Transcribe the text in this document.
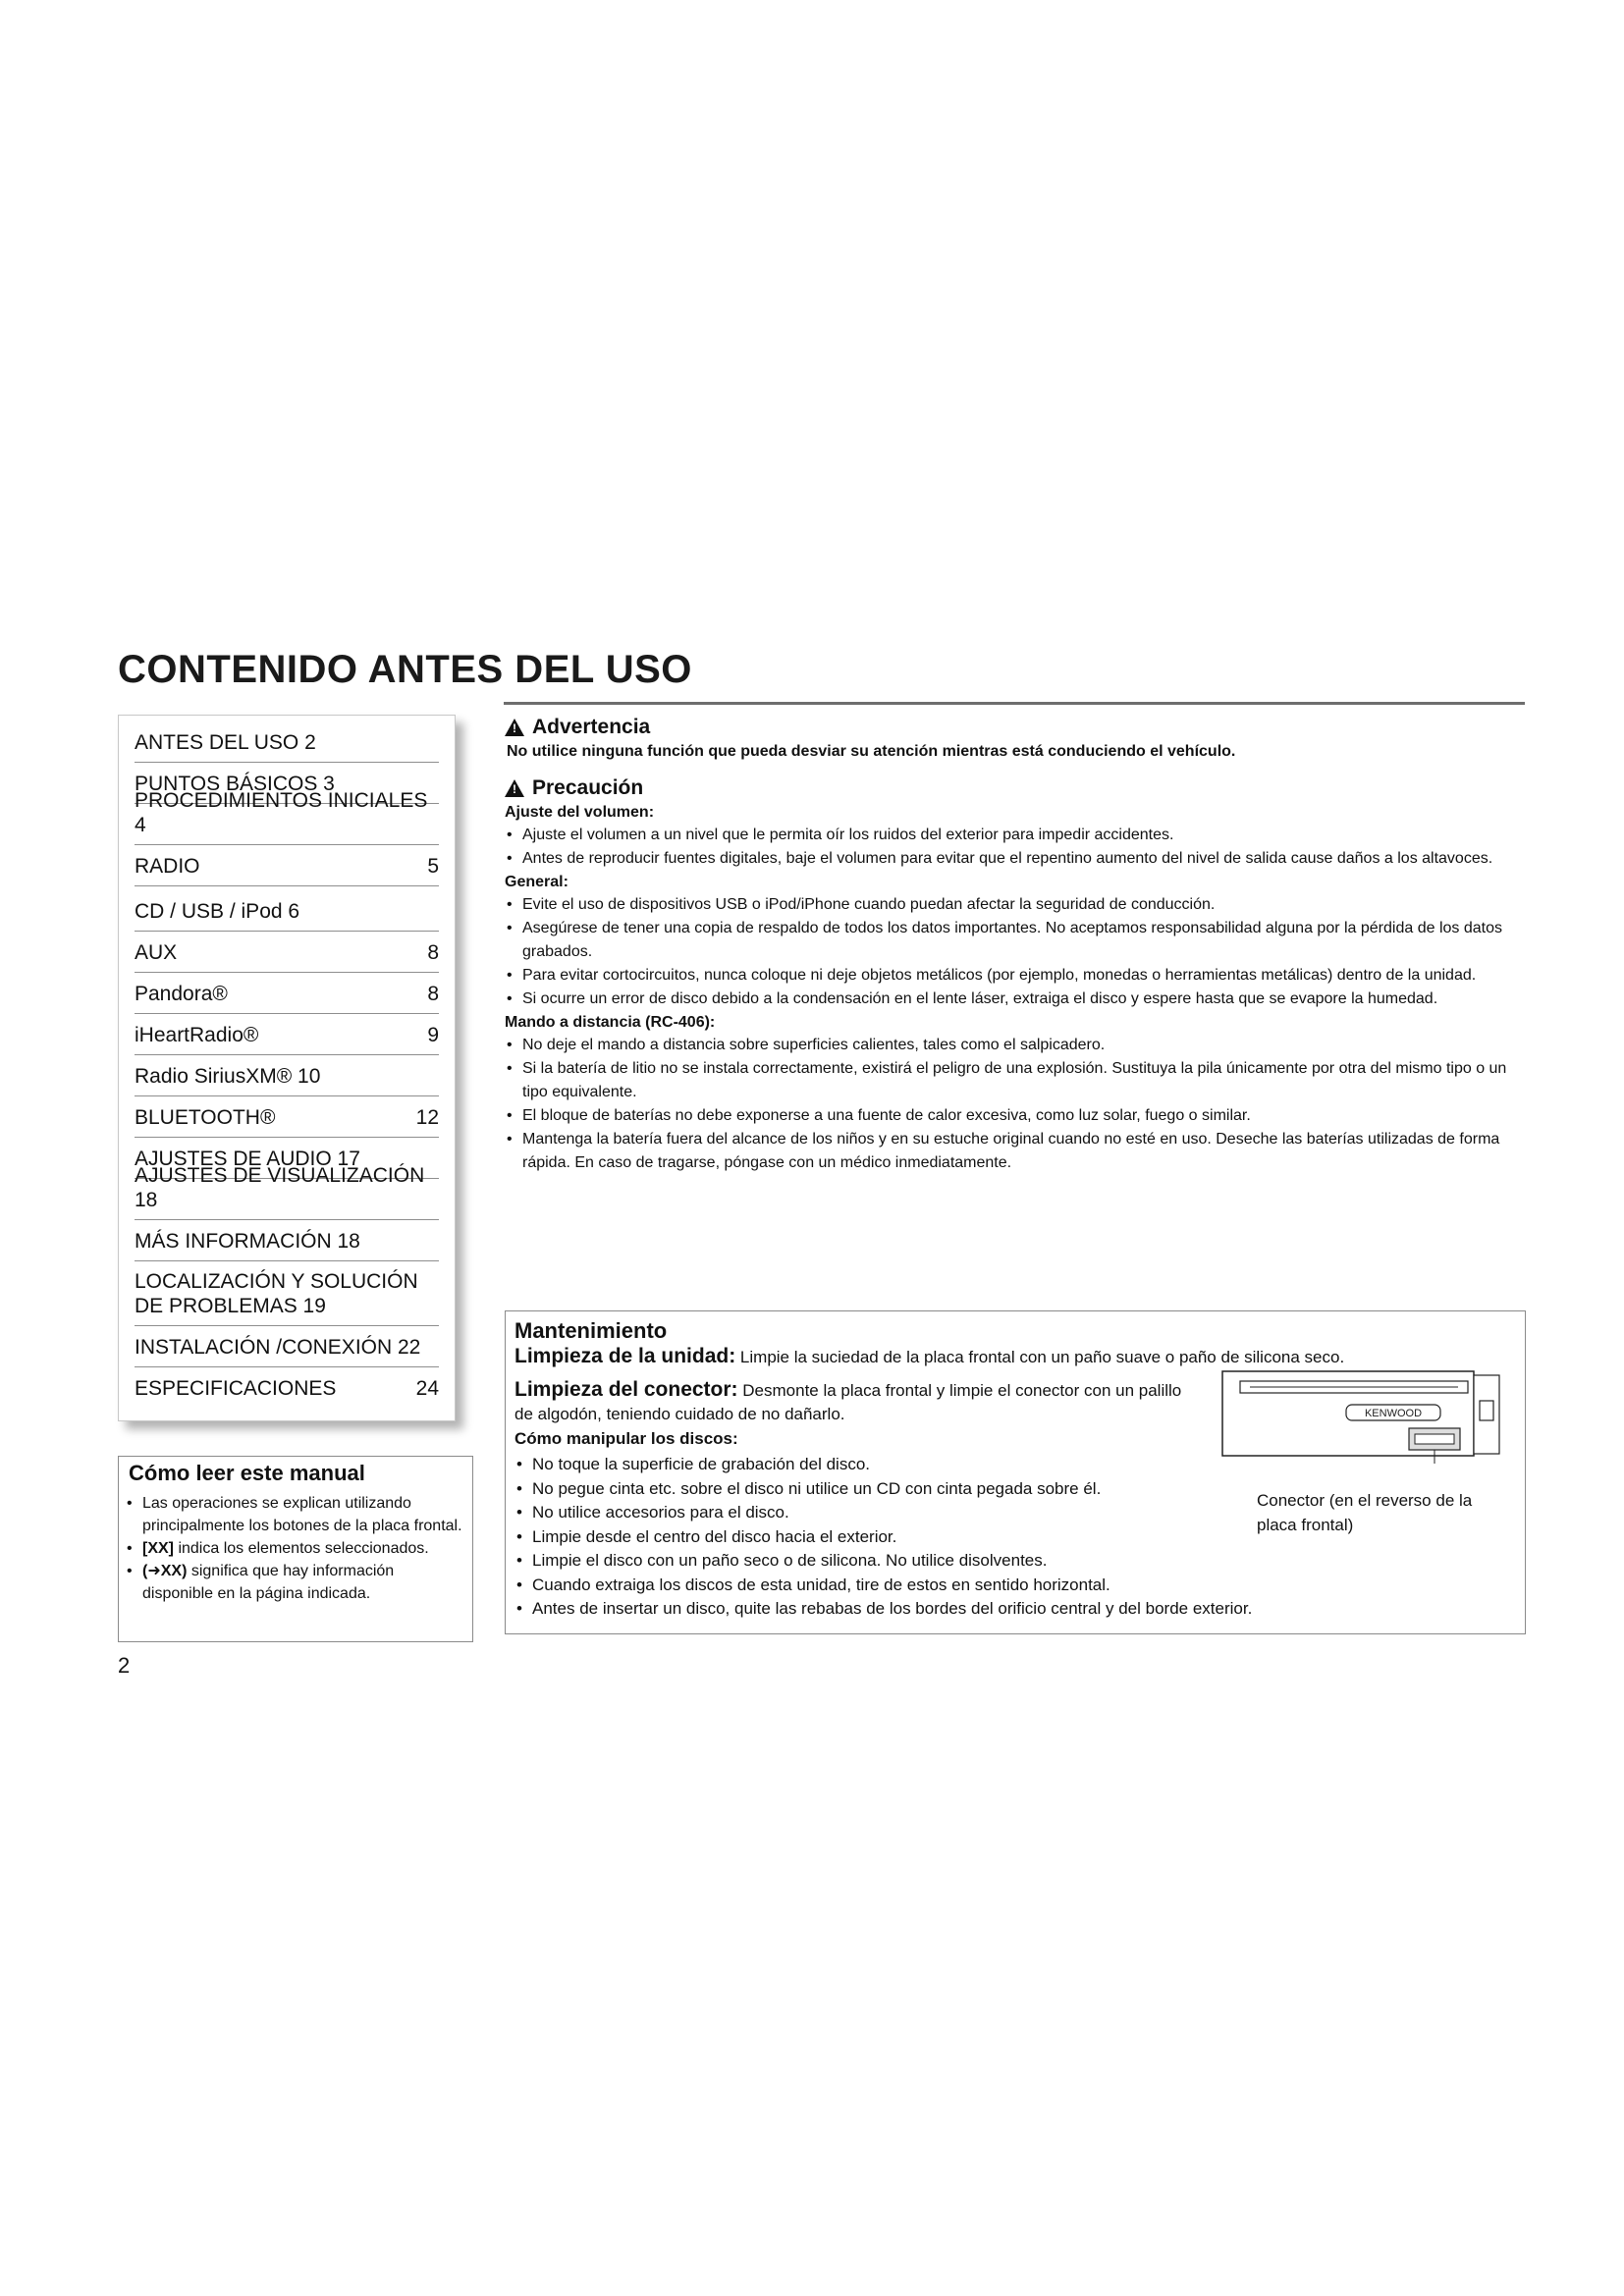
CONTENIDO ANTES DEL USO
ANTES DEL USO 2
PUNTOS BÁSICOS 3
PROCEDIMIENTOS INICIALES 4
RADIO	5
CD / USB / iPod 6
AUX	8
Pandora®	8
iHeartRadio®	9
Radio SiriusXM® 10
BLUETOOTH®	12
AJUSTES DE AUDIO 17
AJUSTES DE VISUALIZACIÓN 18
MÁS INFORMACIÓN 18
LOCALIZACIÓN Y SOLUCIÓN
DE PROBLEMAS 19
INSTALACIÓN /CONEXIÓN 22
ESPECIFICACIONES	24
Cómo leer este manual
• Las operaciones se explican utilizando principalmente los botones de la placa frontal.
• [XX] indica los elementos seleccionados.
• (➜XX) significa que hay información disponible en la página indicada.
2
!
Advertencia
No utilice ninguna función que pueda desviar su atención mientras está conduciendo el vehículo.
!
Precaución
Ajuste del volumen:
• Ajuste el volumen a un nivel que le permita oír los ruidos del exterior para impedir accidentes.
• Antes de reproducir fuentes digitales, baje el volumen para evitar que el repentino aumento del nivel de salida cause daños a los altavoces.
General:
• Evite el uso de dispositivos USB o iPod/iPhone cuando puedan afectar la seguridad de conducción.
• Asegúrese de tener una copia de respaldo de todos los datos importantes. No aceptamos responsabilidad alguna por la pérdida de los datos grabados.
• Para evitar cortocircuitos, nunca coloque ni deje objetos metálicos (por ejemplo, monedas o herramientas metálicas) dentro de la unidad.
• Si ocurre un error de disco debido a la condensación en el lente láser, extraiga el disco y espere hasta que se evapore la humedad.
Mando a distancia (RC-406):
• No deje el mando a distancia sobre superficies calientes, tales como el salpicadero.
• Si la batería de litio no se instala correctamente, existirá el peligro de una explosión. Sustituya la pila únicamente por otra del mismo tipo o un tipo equivalente.
• El bloque de baterías no debe exponerse a una fuente de calor excesiva, como luz solar, fuego o similar.
• Mantenga la batería fuera del alcance de los niños y en su estuche original cuando no esté en uso. Deseche las baterías utilizadas de forma rápida. En caso de tragarse, póngase con un médico inmediatamente.
Mantenimiento
Limpieza de la unidad: Limpie la suciedad de la placa frontal con un paño suave o paño de silicona seco.
Limpieza del conector: Desmonte la placa frontal y limpie el conector con un palillo de algodón, teniendo cuidado de no dañarlo.
Cómo manipular los discos:
• No toque la superficie de grabación del disco.
• No pegue cinta etc. sobre el disco ni utilice un CD con cinta pegada sobre él.
• No utilice accesorios para el disco.
• Limpie desde el centro del disco hacia el exterior.
• Limpie el disco con un paño seco o de silicona. No utilice disolventes.
• Cuando extraiga los discos de esta unidad, tire de estos en sentido horizontal.
• Antes de insertar un disco, quite las rebabas de los bordes del orificio central y del borde exterior.
KENWOOD
Conector (en el reverso de la placa frontal)
